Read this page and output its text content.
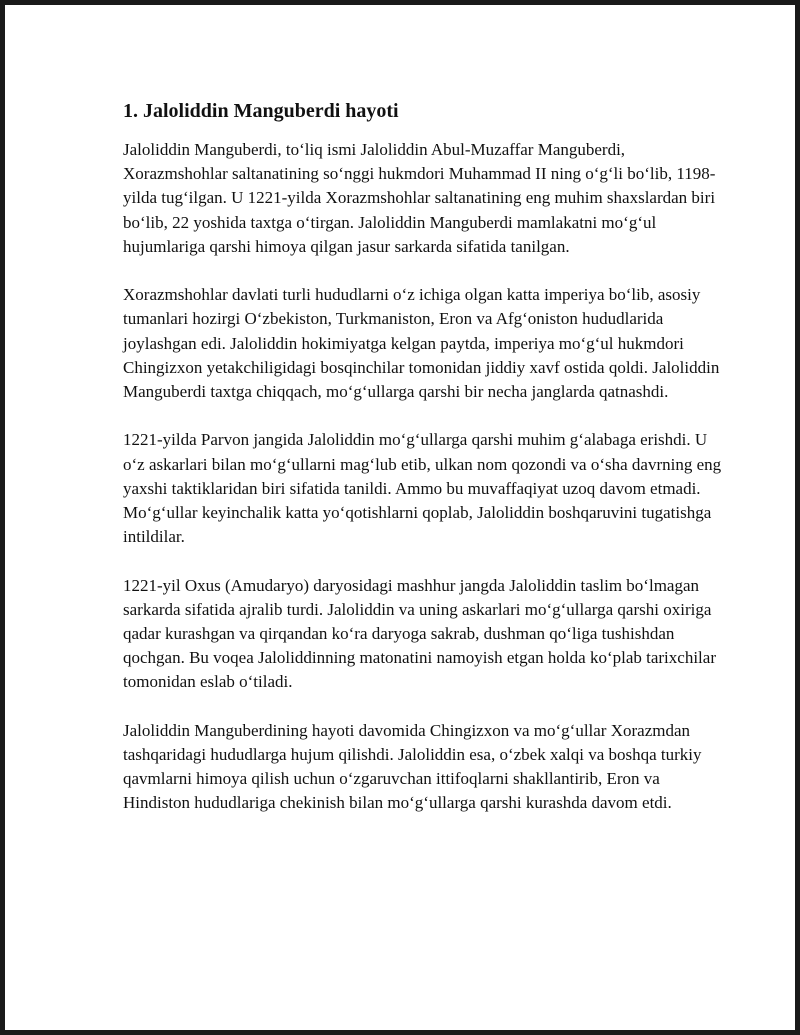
1. Jaloliddin Manguberdi hayoti

Jaloliddin Manguberdi, to‘liq ismi Jaloliddin Abul-Muzaffar Manguberdi, Xorazmshohlar saltanatining so‘nggi hukmdori Muhammad II ning o‘g‘li bo‘lib, 1198-yilda tug‘ilgan. U 1221-yilda Xorazmshohlar saltanatining eng muhim shaxslardan biri bo‘lib, 22 yoshida taxtga o‘tirgan. Jaloliddin Manguberdi mamlakatni mo‘g‘ul hujumlariga qarshi himoya qilgan jasur sarkarda sifatida tanilgan.

Xorazmshohlar davlati turli hududlarni o‘z ichiga olgan katta imperiya bo‘lib, asosiy tumanlari hozirgi O‘zbekiston, Turkmaniston, Eron va Afg‘oniston hududlarida joylashgan edi. Jaloliddin hokimiyatga kelgan paytda, imperiya mo‘g‘ul hukmdori Chingizxon yetakchiligidagi bosqinchilar tomonidan jiddiy xavf ostida qoldi. Jaloliddin Manguberdi taxtga chiqqach, mo‘g‘ullarga qarshi bir necha janglarda qatnashdi.

1221-yilda Parvon jangida Jaloliddin mo‘g‘ullarga qarshi muhim g‘alabaga erishdi. U o‘z askarlari bilan mo‘g‘ullarni mag‘lub etib, ulkan nom qozondi va o‘sha davrning eng yaxshi taktiklaridan biri sifatida tanildi. Ammo bu muvaffaqiyat uzoq davom etmadi. Mo‘g‘ullar keyinchalik katta yo‘qotishlarni qoplab, Jaloliddin boshqaruvini tugatishga intildilar.

1221-yil Oxus (Amudaryo) daryosidagi mashhur jangda Jaloliddin taslim bo‘lmagan sarkarda sifatida ajralib turdi. Jaloliddin va uning askarlari mo‘g‘ullarga qarshi oxiriga qadar kurashgan va qirqandan ko‘ra daryoga sakrab, dushman qo‘liga tushishdan qochgan. Bu voqea Jaloliddinning matonatini namoyish etgan holda ko‘plab tarixchilar tomonidan eslab o‘tiladi.

Jaloliddin Manguberdining hayoti davomida Chingizxon va mo‘g‘ullar Xorazmdan tashqaridagi hududlarga hujum qilishdi. Jaloliddin esa, o‘zbek xalqi va boshqa turkiy qavmlarni himoya qilish uchun o‘zgaruvchan ittifoqlarni shakllantirib, Eron va Hindiston hududlariga chekinish bilan mo‘g‘ullarga qarshi kurashda davom etdi.
